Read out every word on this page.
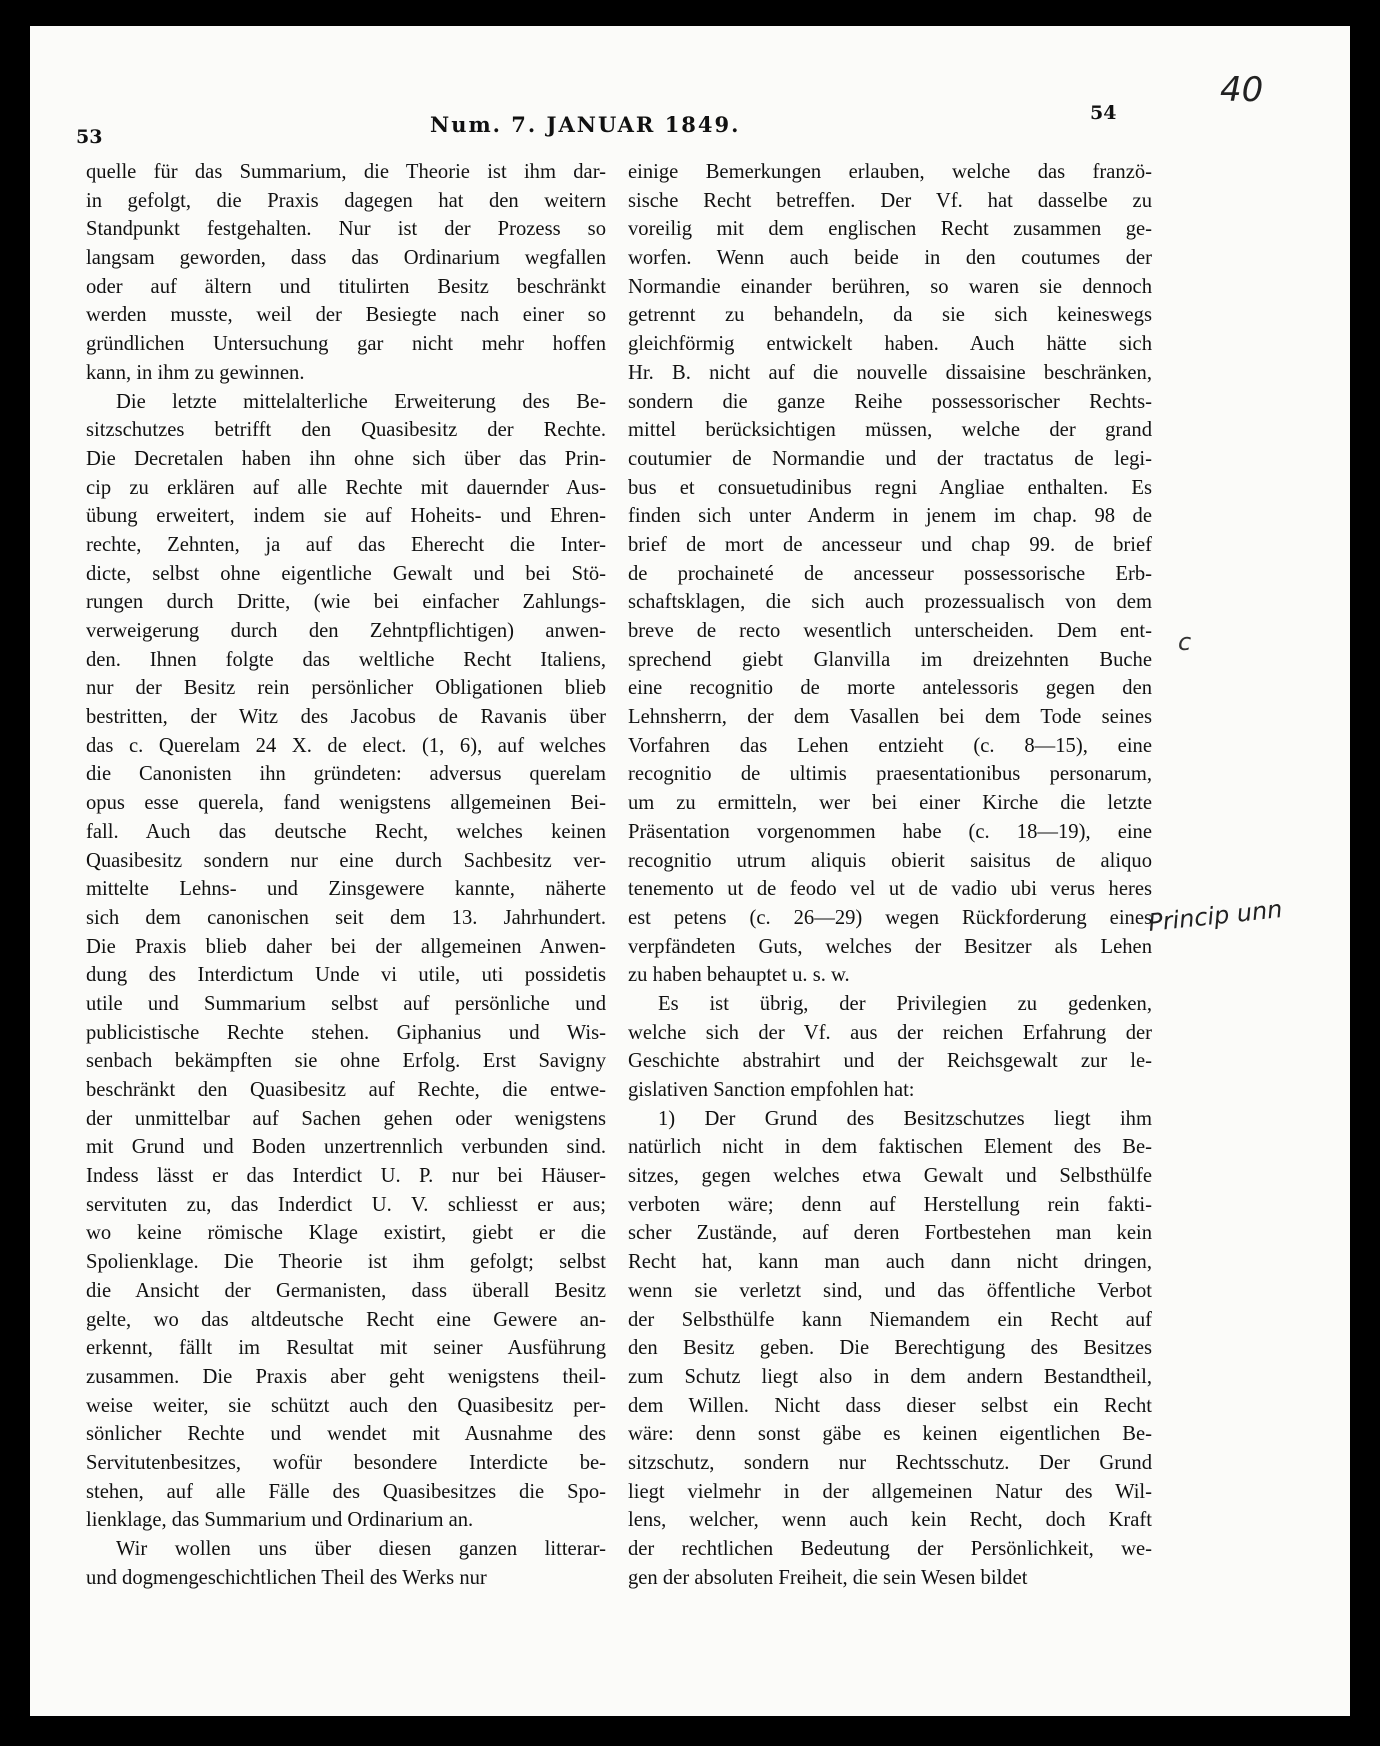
53	Num. 7. JANUAR 1849.	54
40
quelle für das Summarium, die Theorie ist ihm dar-
in gefolgt, die Praxis dagegen hat den weitern
Standpunkt festgehalten. Nur ist der Prozess so
langsam geworden, dass das Ordinarium wegfallen
oder auf ältern und titulirten Besitz beschränkt
werden musste, weil der Besiegte nach einer so
gründlichen Untersuchung gar nicht mehr hoffen
kann, in ihm zu gewinnen.
Die letzte mittelalterliche Erweiterung des Be-
sitzschutzes betrifft den Quasibesitz der Rechte.
Die Decretalen haben ihn ohne sich über das Prin-
cip zu erklären auf alle Rechte mit dauernder Aus-
übung erweitert, indem sie auf Hoheits- und Ehren-
rechte, Zehnten, ja auf das Eherecht die Inter-
dicte, selbst ohne eigentliche Gewalt und bei Stö-
rungen durch Dritte, (wie bei einfacher Zahlungs-
verweigerung durch den Zehntpflichtigen) anwen-
den. Ihnen folgte das weltliche Recht Italiens,
nur der Besitz rein persönlicher Obligationen blieb
bestritten, der Witz des Jacobus de Ravanis über
das c. Querelam 24 X. de elect. (1, 6), auf welches
die Canonisten ihn gründeten: adversus querelam
opus esse querela, fand wenigstens allgemeinen Bei-
fall. Auch das deutsche Recht, welches keinen
Quasibesitz sondern nur eine durch Sachbesitz ver-
mittelte Lehns- und Zinsgewere kannte, näherte
sich dem canonischen seit dem 13. Jahrhundert.
Die Praxis blieb daher bei der allgemeinen Anwen-
dung des Interdictum Unde vi utile, uti possidetis
utile und Summarium selbst auf persönliche und
publicistische Rechte stehen. Giphanius und Wis-
senbach bekämpften sie ohne Erfolg. Erst Savigny
beschränkt den Quasibesitz auf Rechte, die entwe-
der unmittelbar auf Sachen gehen oder wenigstens
mit Grund und Boden unzertrennlich verbunden sind.
Indess lässt er das Interdict U. P. nur bei Häuser-
servituten zu, das Inderdict U. V. schliesst er aus;
wo keine römische Klage existirt, giebt er die
Spolienklage. Die Theorie ist ihm gefolgt; selbst
die Ansicht der Germanisten, dass überall Besitz
gelte, wo das altdeutsche Recht eine Gewere an-
erkennt, fällt im Resultat mit seiner Ausführung
zusammen. Die Praxis aber geht wenigstens theil-
weise weiter, sie schützt auch den Quasibesitz per-
sönlicher Rechte und wendet mit Ausnahme des
Servitutenbesitzes, wofür besondere Interdicte be-
stehen, auf alle Fälle des Quasibesitzes die Spo-
lienklage, das Summarium und Ordinarium an.
Wir wollen uns über diesen ganzen litterar-
und dogmengeschichtlichen Theil des Werks nur
einige Bemerkungen erlauben, welche das franzö-
sische Recht betreffen. Der Vf. hat dasselbe zu
voreilig mit dem englischen Recht zusammen ge-
worfen. Wenn auch beide in den coutumes der
Normandie einander berühren, so waren sie dennoch
getrennt zu behandeln, da sie sich keineswegs
gleichförmig entwickelt haben. Auch hätte sich
Hr. B. nicht auf die nouvelle dissaisine beschränken,
sondern die ganze Reihe possessorischer Rechts-
mittel berücksichtigen müssen, welche der grand
coutumier de Normandie und der tractatus de legi-
bus et consuetudinibus regni Angliae enthalten. Es
finden sich unter Anderm in jenem im chap. 98 de
brief de mort de ancesseur und chap 99. de brief
de prochaineté de ancesseur possessorische Erb-
schaftsklagen, die sich auch prozessualisch von dem
breve de recto wesentlich unterscheiden. Dem ent-
sprechend giebt Glanvilla im dreizehnten Buche
eine recognitio de morte antelessoris gegen den
Lehnsherrn, der dem Vasallen bei dem Tode seines
Vorfahren das Lehen entzieht (c. 8—15), eine
recognitio de ultimis praesentationibus personarum,
um zu ermitteln, wer bei einer Kirche die letzte
Präsentation vorgenommen habe (c. 18—19), eine
recognitio utrum aliquis obierit saisitus de aliquo
tenemento ut de feodo vel ut de vadio ubi verus heres
est petens (c. 26—29) wegen Rückforderung eines
verpfändeten Guts, welches der Besitzer als Lehen
zu haben behauptet u. s. w.
Es ist übrig, der Privilegien zu gedenken,
welche sich der Vf. aus der reichen Erfahrung der
Geschichte abstrahirt und der Reichsgewalt zur le-
gislativen Sanction empfohlen hat:
1) Der Grund des Besitzschutzes liegt ihm
natürlich nicht in dem faktischen Element des Be-
sitzes, gegen welches etwa Gewalt und Selbsthülfe
verboten wäre; denn auf Herstellung rein fakti-
scher Zustände, auf deren Fortbestehen man kein
Recht hat, kann man auch dann nicht dringen,
wenn sie verletzt sind, und das öffentliche Verbot
der Selbsthülfe kann Niemandem ein Recht auf
den Besitz geben. Die Berechtigung des Besitzes
zum Schutz liegt also in dem andern Bestandtheil,
dem Willen. Nicht dass dieser selbst ein Recht
wäre: denn sonst gäbe es keinen eigentlichen Be-
sitzschutz, sondern nur Rechtsschutz. Der Grund
liegt vielmehr in der allgemeinen Natur des Wil-
lens, welcher, wenn auch kein Recht, doch Kraft
der rechtlichen Bedeutung der Persönlichkeit, we-
gen der absoluten Freiheit, die sein Wesen bildet
c
Princip unn
